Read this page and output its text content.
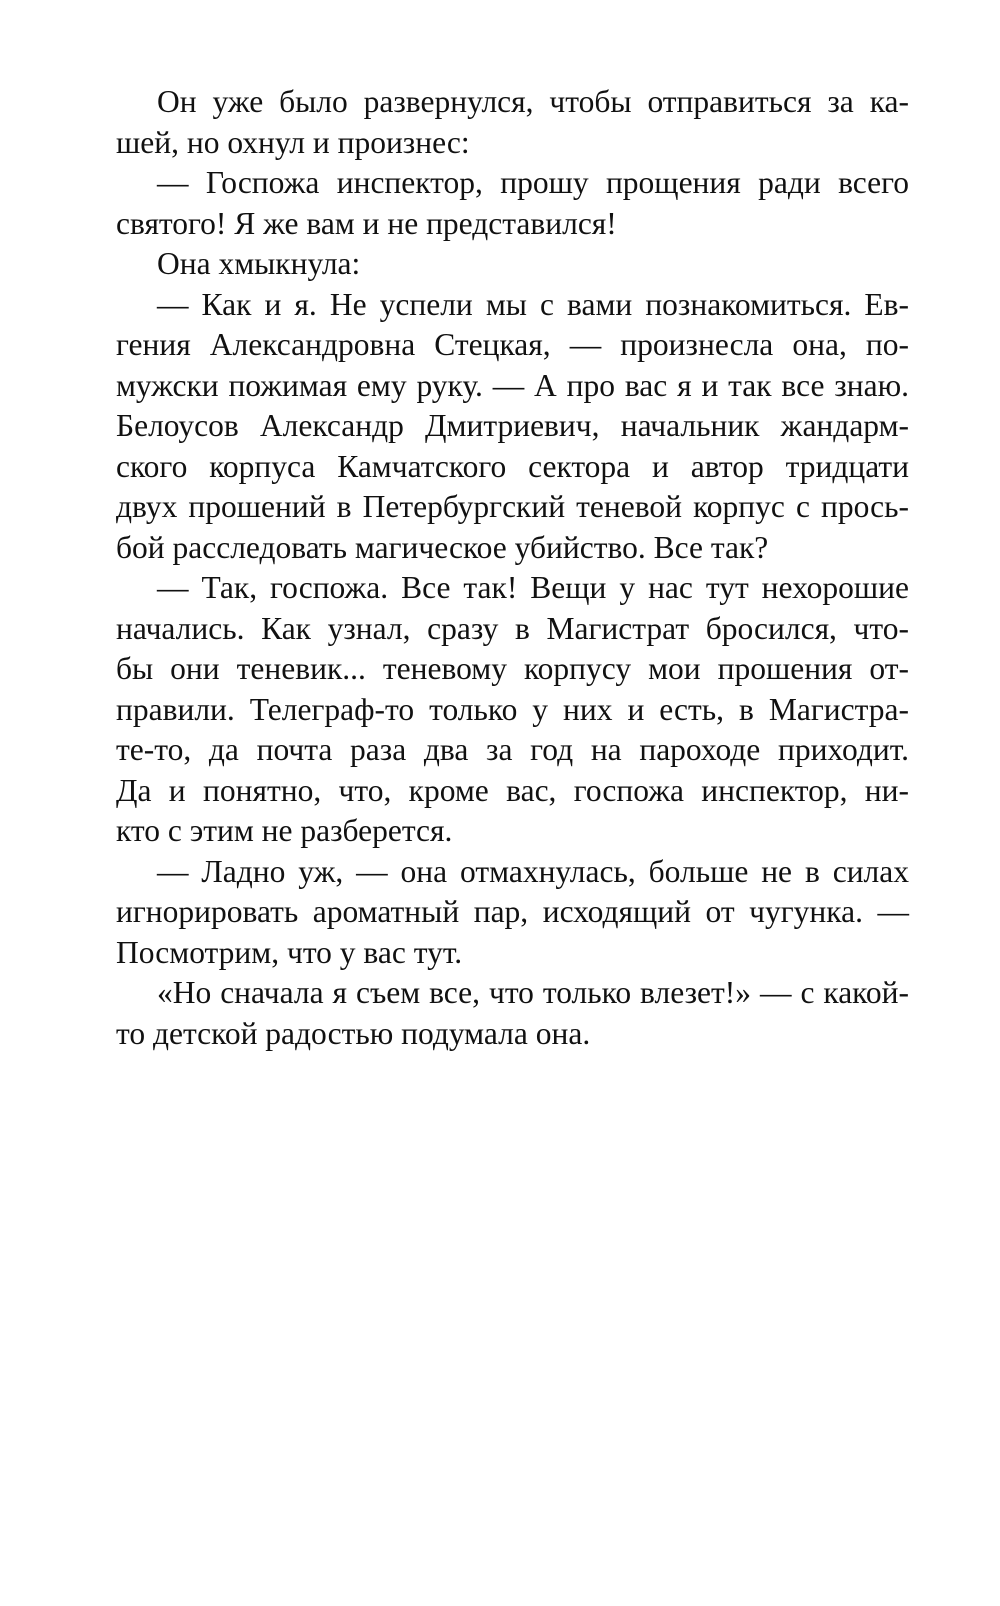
Он уже было развернулся, чтобы отправиться за ка-
шей, но охнул и произнес:
— Госпожа инспектор, прошу прощения ради всего
святого! Я же вам и не представился!
Она хмыкнула:
— Как и я. Не успели мы с вами познакомиться. Ев-
гения Александровна Стецкая, — произнесла она, по-
мужски пожимая ему руку. — А про вас я и так все знаю.
Белоусов Александр Дмитриевич, начальник жандарм-
ского корпуса Камчатского сектора и автор тридцати
двух прошений в Петербургский теневой корпус с прось-
бой расследовать магическое убийство. Все так?
— Так, госпожа. Все так! Вещи у нас тут нехорошие
начались. Как узнал, сразу в Магистрат бросился, что-
бы они теневик... теневому корпусу мои прошения от-
правили. Телеграф-то только у них и есть, в Магистра-
те-то, да почта раза два за год на пароходе приходит.
Да и понятно, что, кроме вас, госпожа инспектор, ни-
кто с этим не разберется.
— Ладно уж, — она отмахнулась, больше не в силах
игнорировать ароматный пар, исходящий от чугунка. —
Посмотрим, что у вас тут.
«Но сначала я съем все, что только влезет!» — с какой-
то детской радостью подумала она.
